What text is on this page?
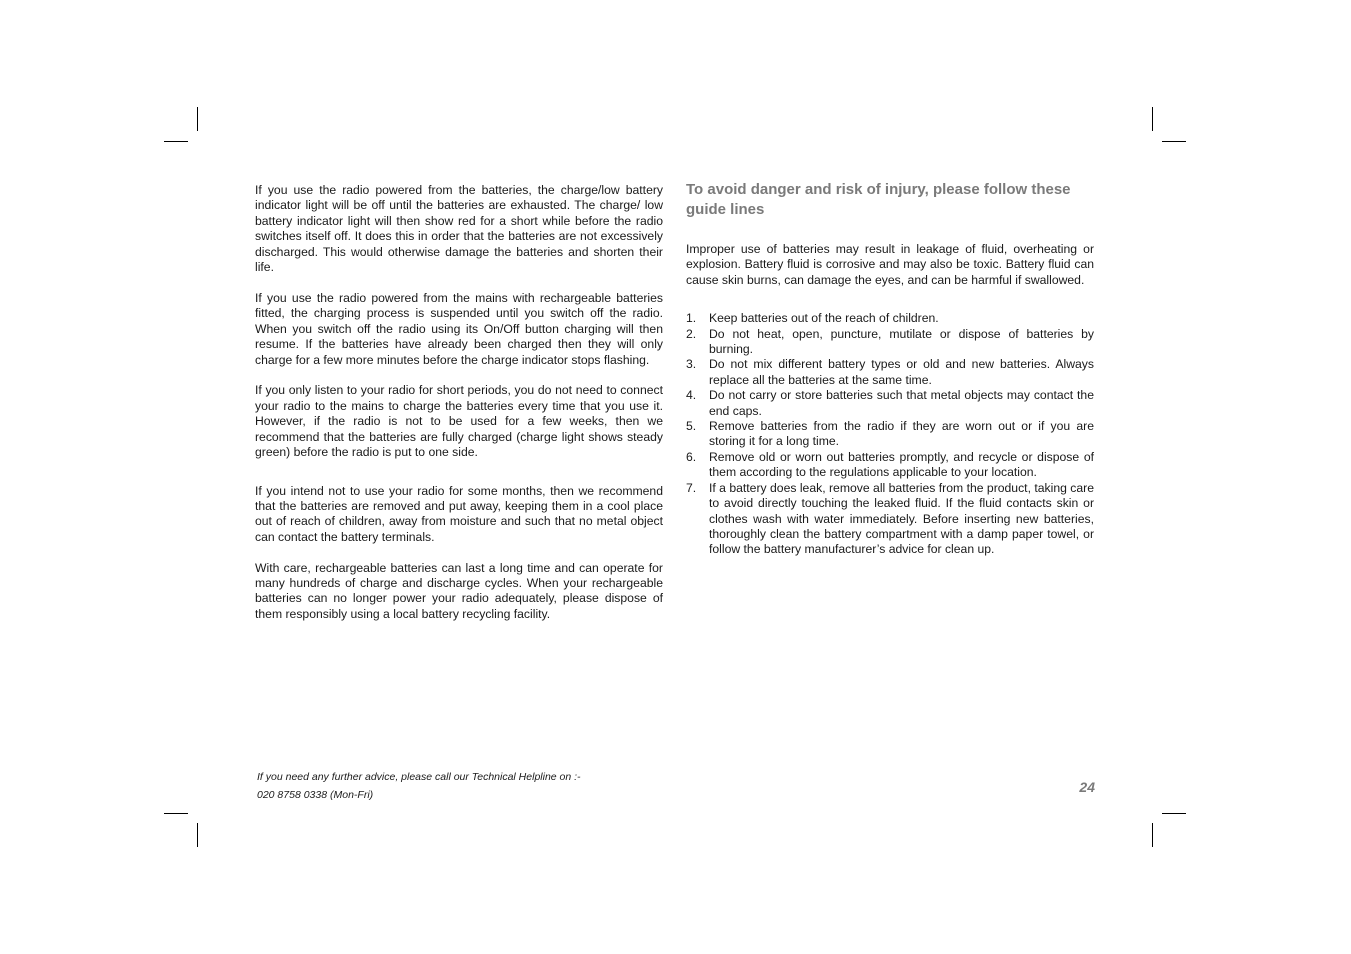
If you use the radio powered from the batteries, the charge/low battery indicator light will be off until the batteries are exhausted. The charge/ low battery indicator light will then show red for a short while before the radio switches itself off. It does this in order that the batteries are not excessively discharged. This would otherwise damage the batteries and shorten their life.

If you use the radio powered from the mains with rechargeable batteries fitted, the charging process is suspended until you switch off the radio. When you switch off the radio using its On/Off button charging will then resume. If the batteries have already been charged then they will only charge for a few more minutes before the charge indicator stops flashing.

If you only listen to your radio for short periods, you do not need to connect your radio to the mains to charge the batteries every time that you use it. However, if the radio is not to be used for a few weeks, then we recommend that the batteries are fully charged (charge light shows steady green) before the radio is put to one side.

If you intend not to use your radio for some months, then we recommend that the batteries are removed and put away, keeping them in a cool place out of reach of children, away from moisture and such that no metal object can contact the battery terminals.

With care, rechargeable batteries can last a long time and can operate for many hundreds of charge and discharge cycles. When your rechargeable batteries can no longer power your radio adequately, please dispose of them responsibly using a local battery recycling facility.

To avoid danger and risk of injury, please follow these guide lines

Improper use of batteries may result in leakage of fluid, overheating or explosion. Battery fluid is corrosive and may also be toxic. Battery fluid can cause skin burns, can damage the eyes, and can be harmful if swallowed.

1. Keep batteries out of the reach of children.
2. Do not heat, open, puncture, mutilate or dispose of batteries by burning.
3. Do not mix different battery types or old and new batteries. Always replace all the batteries at the same time.
4. Do not carry or store batteries such that metal objects may contact the end caps.
5. Remove batteries from the radio if they are worn out or if you are storing it for a long time.
6. Remove old or worn out batteries promptly, and recycle or dispose of them according to the regulations applicable to your location.
7. If a battery does leak, remove all batteries from the product, taking care to avoid directly touching the leaked fluid. If the fluid contacts skin or clothes wash with water immediately. Before inserting new batteries, thoroughly clean the battery compartment with a damp paper towel, or follow the battery manufacturer’s advice for clean up.
If you need any further advice, please call our Technical Helpline on :-
020 8758 0338 (Mon-Fri)	24
